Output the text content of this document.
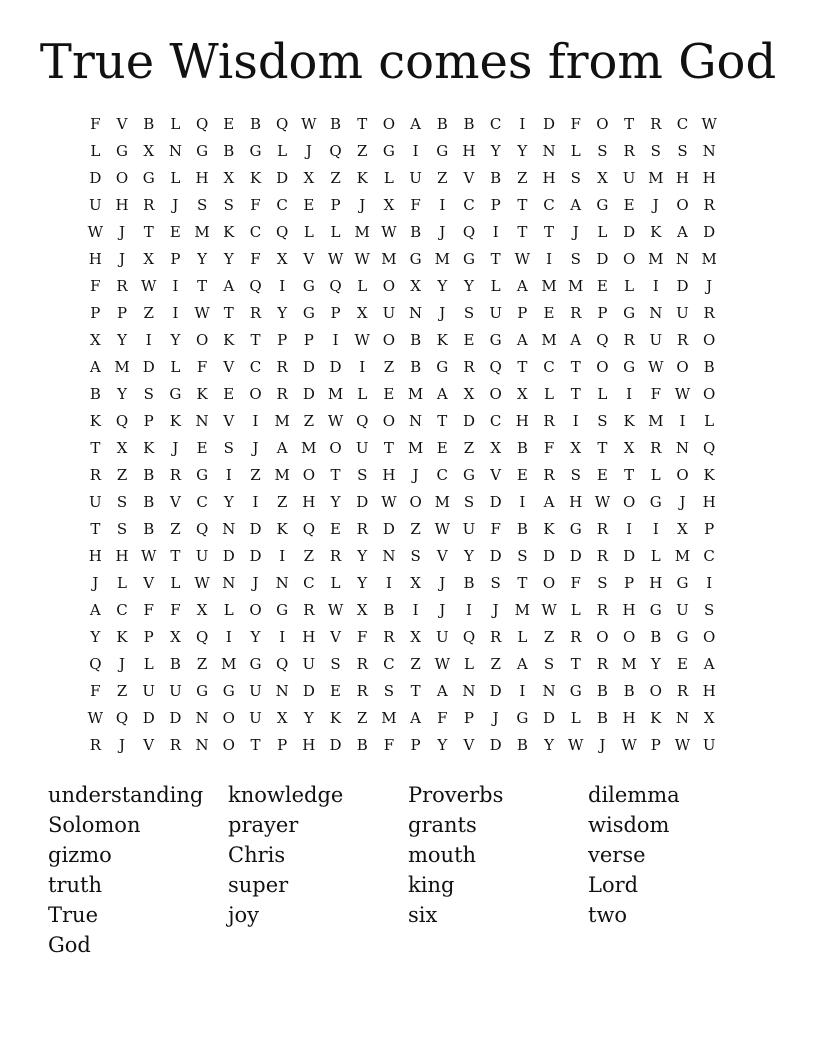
True Wisdom comes from God
F	V	B	L	Q	E	B	Q W B	T	O	A	B	B	C	I	D	F	O	T	R	C W
L	G	X N G	B	G	L	J	Q	Z	G	I	G H	Y	Y	N	L	S	R	S	S N
D O G	L	H X	K	D	X	Z	K	L	U	Z	V	B	Z H	S	X	U M H H
U H R	J	S	S	F	C	E	P	J	X	F	I	C	P	T	C	A	G	E	J	O R
W	J	T	E M K	C Q	L	L M W B	J	Q	I	T	T	J	L	D	K	A	D
H	J	X	P	Y	Y	F	X	V W W M G M G	T W	I	S	D O M N M
F	R W	I	T	A	Q	I	G Q	L	O	X	Y	Y	L	A M M E	L	I	D	J
P	P	Z	I	W T	R	Y	G	P	X	U N	J	S	U	P	E	R	P	G N U R
X	Y	I	Y	O K	T	P	P	I	W O	B	K	E	G	A M A	Q R U R O
A M D	L	F	V	C	R	D D	I	Z	B	G	R Q	T	C	T	O G W O	B
B	Y	S	G	K	E	O R	D M L	E M A	X	O	X	L	T	L	I	F W O
K Q	P	K N V	I	M Z W Q O N	T	D C H R	I	S	K M	I	L
T	X	K	J	E	S	J	A M O U	T M E	Z	X	B	F	X	T	X	R N Q
R	Z	B	R	G	I	Z M O	T	S	H	J	C G	V	E	R	S	E	T	L	O K
U	S	B	V	C	Y	I	Z H	Y	D W O M S	D	I	A H W O G	J	H
T	S	B	Z	Q N D	K Q	E	R	D	Z W U	F	B	K	G	R	I	I	X	P
H H W T	U D D	I	Z	R	Y	N S	V	Y	D	S	D D	R	D	L M C
J	L	V	L W N	J	N C	L	Y	I	X	J	B	S	T	O	F	S	P	H G	I
A	C	F	F	X	L	O G	R W X	B	I	J	I	J	M W L	R H G U	S
Y	K	P	X	Q	I	Y	I	H V	F	R	X	U Q R	L	Z	R O O	B	G O
Q	J	L	B	Z M G Q U	S	R	C	Z W L	Z	A	S	T	R M Y	E	A
F	Z	U U G G U N D	E	R	S	T	A N D	I	N G	B	B	O R H
W Q D D N O U	X	Y	K	Z M A	F	P	J	G D	L	B H K N X
R	J	V	R N O	T	P	H D	B	F	P	Y	V	D	B	Y W	J	W P W U
understanding	knowledge	Proverbs	dilemma
Solomon	prayer	grants	wisdom
gizmo	Chris	mouth	verse
truth	super	king	Lord
True	joy	six	two
God
